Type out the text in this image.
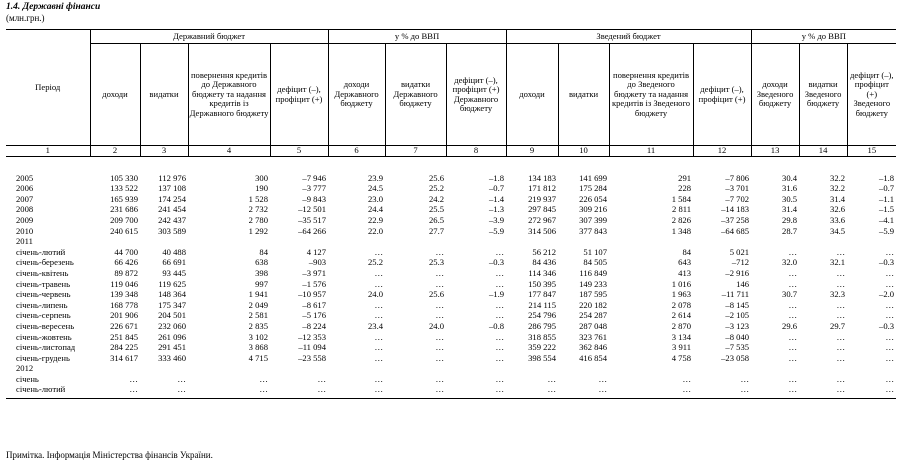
1.4. Державні фінанси
(млн.грн.)
Період	Державний бюджет				у % до ВВП			Зведений бюджет				у % до ВВП		
	доходи	видатки	повернення кредитів до Державного бюджету та надання кредитів із Державного бюджету	дефіцит (–), профіцит (+)	доходи Державного бюджету	видатки Державного бюджету	дефіцит (–), профіцит (+) Державного бюджету	доходи	видатки	повернення кредитів до Зведеного бюджету та надання кредитів із Зведеного бюджету	дефіцит (–), профіцит (+)	доходи Зведеного бюджету	видатки Зведеного бюджету	дефіцит (–), профіцит (+) Зведеного бюджету
1	2	3	4	5	6	7	8	9	10	11	12	13	14	15

2005	105 330	112 976	300	–7 946	23.9	25.6	–1.8	134 183	141 699	291	–7 806	30.4	32.2	–1.8
2006	133 522	137 108	190	–3 777	24.5	25.2	–0.7	171 812	175 284	228	–3 701	31.6	32.2	–0.7
2007	165 939	174 254	1 528	–9 843	23.0	24.2	–1.4	219 937	226 054	1 584	–7 702	30.5	31.4	–1.1
2008	231 686	241 454	2 732	–12 501	24.4	25.5	–1.3	297 845	309 216	2 811	–14 183	31.4	32.6	–1.5
2009	209 700	242 437	2 780	–35 517	22.9	26.5	–3.9	272 967	307 399	2 826	–37 258	29.8	33.6	–4.1
2010	240 615	303 589	1 292	–64 266	22.0	27.7	–5.9	314 506	377 843	1 348	–64 685	28.7	34.5	–5.9
2011														
січень-лютий	44 700	40 488	84	4 127	…	…	…	56 212	51 107	84	5 021	…	…	…
січень-березень	66 426	66 691	638	–903	25.2	25.3	–0.3	84 436	84 505	643	–712	32.0	32.1	–0.3
січень-квітень	89 872	93 445	398	–3 971	…	…	…	114 346	116 849	413	–2 916	…	…	…
січень-травень	119 046	119 625	997	–1 576	…	…	…	150 395	149 233	1 016	146	…	…	…
січень-червень	139 348	148 364	1 941	–10 957	24.0	25.6	–1.9	177 847	187 595	1 963	–11 711	30.7	32.3	–2.0
січень-липень	168 778	175 347	2 049	–8 617	…	…	…	214 115	220 182	2 078	–8 145	…	…	…
січень-серпень	201 906	204 501	2 581	–5 176	…	…	…	254 796	254 287	2 614	–2 105	…	…	…
січень-вересень	226 671	232 060	2 835	–8 224	23.4	24.0	–0.8	286 795	287 048	2 870	–3 123	29.6	29.7	–0.3
січень-жовтень	251 845	261 096	3 102	–12 353	…	…	…	318 855	323 761	3 134	–8 040	…	…	…
січень-листопад	284 225	291 451	3 868	–11 094	…	…	…	359 222	362 846	3 911	–7 535	…	…	…
січень-грудень	314 617	333 460	4 715	–23 558	…	…	…	398 554	416 854	4 758	–23 058	…	…	…
2012														
січень	…	…	…	…	…	…	…	…	…	…	…	…	…	…
січень-лютий	…	…	…	…	…	…	…	…	…	…	…	…	…	…

Примітка. Інформація Міністерства фінансів України.
